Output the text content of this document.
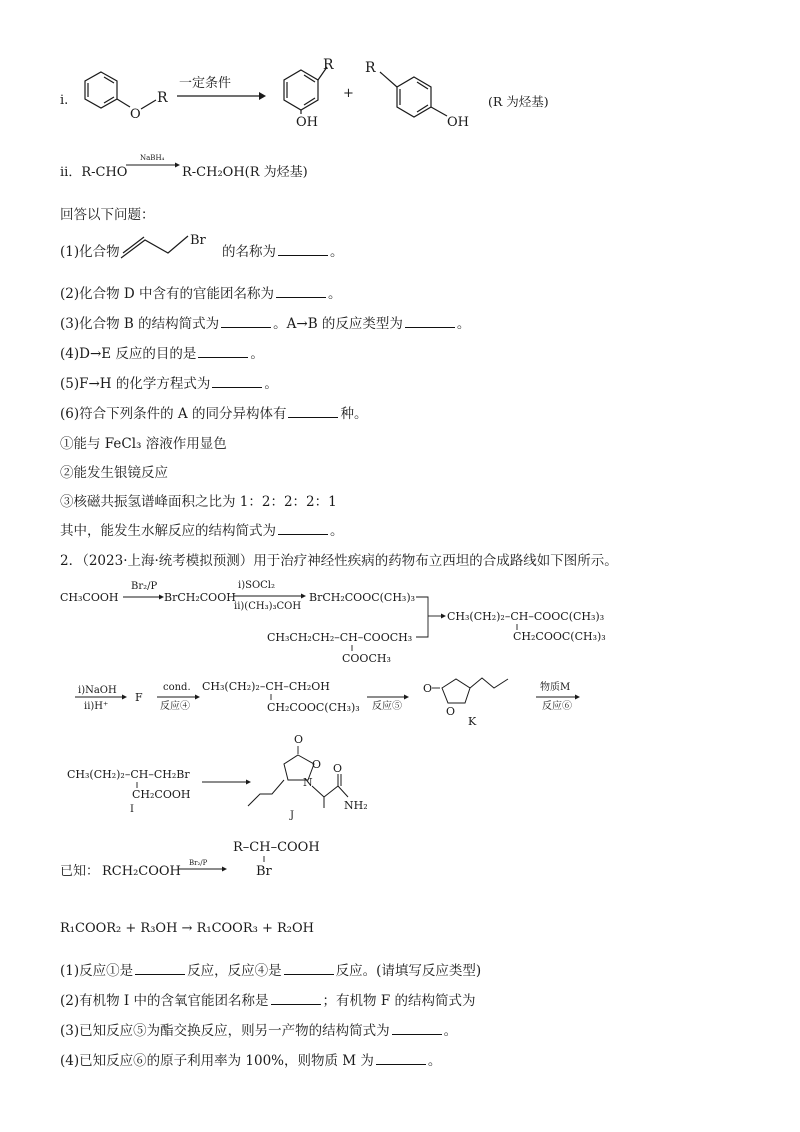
i.
O
R
一定条件
R
OH
+
R
OH
(R 为烃基)
ii．R-CHO
NaBH₄
R-CH₂OH(R 为烃基)
回答以下问题：
(1)化合物
Br
的名称为	。
(2)化合物 D 中含有的官能团名称为	。
(3)化合物 B 的结构简式为	。A→B 的反应类型为	。
(4)D→E 反应的目的是	。
(5)F→H 的化学方程式为	。
(6)符合下列条件的 A 的同分异构体有	种。
①能与 FeCl₃ 溶液作用显色
②能发生银镜反应
③核磁共振氢谱峰面积之比为 1：2：2：2：1
其中，能发生水解反应的结构简式为	。
2．（2023·上海·统考模拟预测）用于治疗神经性疾病的药物布立西坦的合成路线如下图所示。
CH₃COOH
Br₂/P
BrCH₂COOH
i)SOCl₂
ii)(CH₃)₃COH
BrCH₂COOC(CH₃)₃
CH₃CH₂CH₂–CH–COOCH₃
COOCH₃
CH₃(CH₂)₂–CH–COOC(CH₃)₃
CH₂COOC(CH₃)₃
i)NaOH
ii)H⁺
F
cond.
反应④
CH₃(CH₂)₂–CH–CH₂OH
CH₂COOC(CH₃)₃ 反应⑤
O
O
K
物质M
反应⑥
CH₃(CH₂)₂–CH–CH₂Br
CH₂COOH
I
O
O
N
O
NH₂
J
已知： RCH₂COOH
Br₂/P
R–CH–COOH
Br
R₁COOR₂ + R₃OH → R₁COOR₃ + R₂OH
(1)反应①是	反应，反应④是	反应。(请填写反应类型)
(2)有机物 I 中的含氧官能团名称是	；有机物 F 的结构简式为
(3)已知反应⑤为酯交换反应，则另一产物的结构简式为	。
(4)已知反应⑥的原子利用率为 100%，则物质 M 为	。
